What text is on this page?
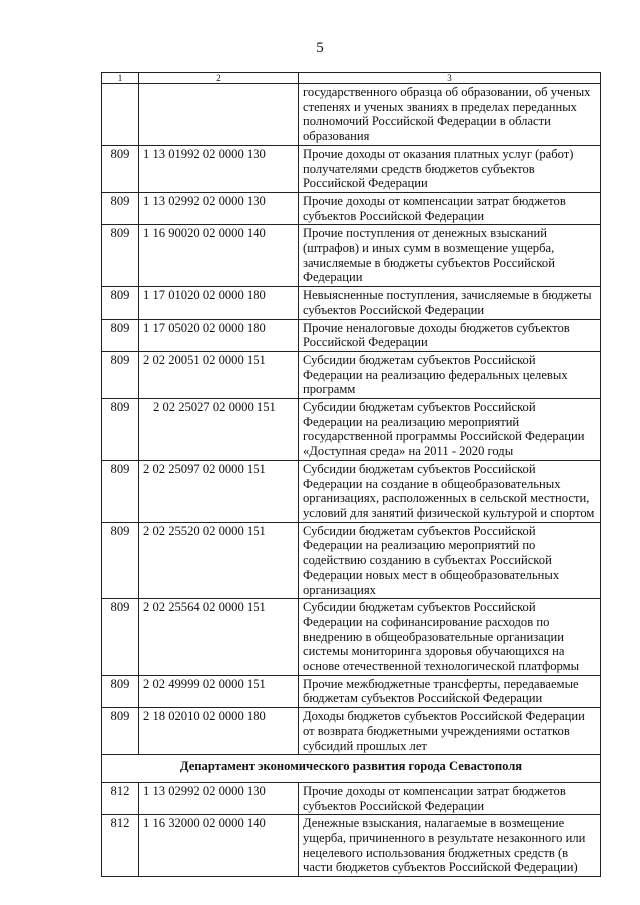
5
1	2	3
		государственного образца об образовании, об ученых степенях и ученых званиях в пределах переданных полномочий Российской Федерации в области образования
809	1 13 01992 02 0000 130	Прочие доходы от оказания платных услуг (работ) получателями средств бюджетов субъектов Российской Федерации
809	1 13 02992 02 0000 130	Прочие доходы от компенсации затрат бюджетов субъектов Российской Федерации
809	1 16 90020 02 0000 140	Прочие поступления от денежных взысканий (штрафов) и иных сумм в возмещение ущерба, зачисляемые в бюджеты субъектов Российской Федерации
809	1 17 01020 02 0000 180	Невыясненные поступления, зачисляемые в бюджеты субъектов Российской Федерации
809	1 17 05020 02 0000 180	Прочие неналоговые доходы бюджетов субъектов Российской Федерации
809	2 02 20051 02 0000 151	Субсидии бюджетам субъектов Российской Федерации на реализацию федеральных целевых программ
809	2 02 25027 02 0000 151	Субсидии бюджетам субъектов Российской Федерации на реализацию мероприятий государственной программы Российской Федерации «Доступная среда» на 2011 - 2020 годы
809	2 02 25097 02 0000 151	Субсидии бюджетам субъектов Российской Федерации на создание в общеобразовательных организациях, расположенных в сельской местности, условий для занятий физической культурой и спортом
809	2 02 25520 02 0000 151	Субсидии бюджетам субъектов Российской Федерации на реализацию мероприятий по содействию созданию в субъектах Российской Федерации новых мест в общеобразовательных организациях
809	2 02 25564 02 0000 151	Субсидии бюджетам субъектов Российской Федерации на софинансирование расходов по внедрению в общеобразовательные организации системы мониторинга здоровья обучающихся на основе отечественной технологической платформы
809	2 02 49999 02 0000 151	Прочие межбюджетные трансферты, передаваемые бюджетам субъектов Российской Федерации
809	2 18 02010 02 0000 180	Доходы бюджетов субъектов Российской Федерации от возврата бюджетными учреждениями остатков субсидий прошлых лет
Департамент экономического развития города Севастополя		
812	1 13 02992 02 0000 130	Прочие доходы от компенсации затрат бюджетов субъектов Российской Федерации
812	1 16 32000 02 0000 140	Денежные взыскания, налагаемые в возмещение ущерба, причиненного в результате незаконного или нецелевого использования бюджетных средств (в части бюджетов субъектов Российской Федерации)
